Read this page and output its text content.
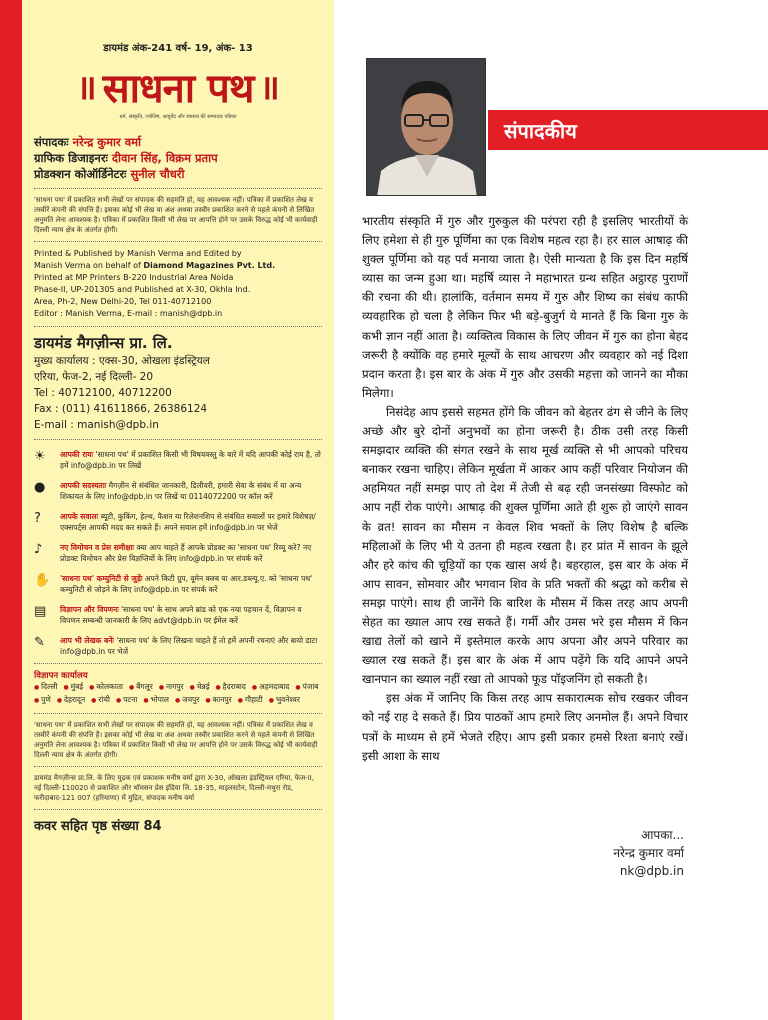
डायमंड अंक-241 वर्ष- 19, अंक- 13
॥ साधना पथ ॥
धर्म, संस्कृति, ज्योतिष, आयुर्वेद और स्वास्थ्य की सम्पादक पत्रिका
संपादकः नरेन्द्र कुमार वर्मा
ग्राफिक डिजाइनरः दीवान सिंह, विक्रम प्रताप
प्रोडक्शन कोऑर्डिनेटरः सुनील चौधरी
'साधना पथ' में प्रकाशित सभी लेखों पर संपादक की सहमति हो, यह आवश्यक नहीं। पत्रिका में प्रकाशित लेख व तस्वीरें कंपनी की संपत्ति हैं। इसका कोई भी लेख या अंश अथवा तस्वीर प्रकाशित करने से पहले कंपनी से लिखित अनुमति लेना आवश्यक है। पत्रिका में प्रकाशित किसी भी लेख पर आपत्ति होने पर उसके विरुद्ध कोई भी कार्यवाही दिल्ली न्याय क्षेत्र के अंतर्गत होगी।
Printed & Published by Manish Verma and Edited by
Manish Verma on behalf of Diamond Magazines Pvt. Ltd.
Printed at MP Printers B-220 Industrial Area Noida
Phase-II, UP-201305 and Published at X-30, Okhla Ind.
Area, Ph-2, New Delhi-20, Tel 011-40712100
Editor : Manish Verma, E-mail : manish@dpb.in
डायमंड मैगज़ीन्स प्रा. लि.
मुख्य कार्यालय : एक्स-30, ओखला इंडस्ट्रियल
एरिया, फेज-2, नई दिल्ली- 20
Tel : 40712100, 40712200
Fax : (011) 41611866, 26386124
E-mail : manish@dpb.in
☀	आपकी रायः 'साधना पथ' में प्रकाशित किसी भी विषयवस्तु के बारे में यदि आपकी कोई राय है, तो हमें info@dpb.in पर लिखें
●	आपकी सदस्यताः मैगज़ीन से संबंधित जानकारी, डिलीवरी, हमारी सेवा के संबंध में या अन्य शिकायत के लिए info@dpb.in पर लिखें या 0114072200 पर कॉल करें
?	आपके सवालः ब्यूटी, कुकिंग, हेल्थ, फैशन या रिलेशनशिप से संबंधित सवालों पर हमारे विशेषज्ञ/एक्सपर्ट्स आपकी मदद कर सकते हैं। अपने सवाल हमें info@dpb.in पर भेजें
♪	नए विमोचन व प्रेस समीक्षाः क्या आप चाहते हैं आपके प्रोडक्ट का 'साधना पथ' रिव्यू करे? नए प्रोडक्ट विमोचन और प्रेस विज्ञप्तियों के लिए info@dpb.in पर संपर्क करें
✋	'साधना पथ' कम्युनिटी से जुड़ेंः अपने किटी ग्रुप, वूमेन क्लब या आर.डब्ल्यू.ए. को 'साधना पथ' कम्युनिटी से जोड़ने के लिए info@dpb.in पर संपर्क करें
▤	विज्ञापन और विपणनः 'साधना पथ' के साथ अपने ब्रांड को एक नया पहचान दें, विज्ञापन व विपणन सम्बन्धी जानकारी के लिए advt@dpb.in पर ईमेल करें
✎	आप भी लेखक बनेंः 'साधना पथ' के लिए लिखना चाहते हैं तो हमें अपनी रचनाएं और बायो डाटा info@dpb.in पर भेजें
विज्ञापन कार्यालय
● दिल्ली	● मुंबई	● कोलकाता	● बैंगलूर	● नागपुर	● चेन्नई	● हैदराबाद	● अहमदाबाद	● पंजाब
● पुणे	● देहरादून	● रांची	● पटना	● भोपाल	● जयपुर	● कानपुर	● गौहाटी	● भुवनेश्वर
'साधना पथ' में प्रकाशित सभी लेखों पर संपादक की सहमति हो, यह आवश्यक नहीं। पत्रिका में प्रकाशित लेख व तस्वीरें कंपनी की संपत्ति हैं। इसका कोई भी लेख या अंश अथवा तस्वीर प्रकाशित करने से पहले कंपनी से लिखित अनुमति लेना आवश्यक है। पत्रिका में प्रकाशित किसी भी लेख पर आपत्ति होने पर उसके विरुद्ध कोई भी कार्यवाही दिल्ली न्याय क्षेत्र के अंतर्गत होगी।
डायमंड मैगज़ीन्स प्रा.लि. के लिए मुद्रक एवं प्रकाशक मनीष वर्मा द्वारा X-30, ओखला इंडस्ट्रियल एरिया, फेज-II, नई दिल्ली-110020 से प्रकाशित और थॉमसन प्रेस इंडिया लि. 18-35, माइलस्टोन, दिल्ली-मथुरा रोड, फरीदाबाद-121 007 (हरियाणा) में मुद्रित, संपादक मनीष वर्मा
कवर सहित पृष्ठ संख्या 84
संपादकीय

भारतीय संस्कृति में गुरु और गुरुकुल की परंपरा रही है इसलिए भारतीयों के लिए हमेशा से ही गुरु पूर्णिमा का एक विशेष महत्व रहा है। हर साल आषाढ़ की शुक्ल पूर्णिमा को यह पर्व मनाया जाता है। ऐसी मान्यता है कि इस दिन महर्षि व्यास का जन्म हुआ था। महर्षि व्यास ने महाभारत ग्रन्थ सहित अट्ठारह पुराणों की रचना की थी। हालांकि, वर्तमान समय में गुरु और शिष्य का संबंध काफी व्यवहारिक हो चला है लेकिन फिर भी बड़े-बुजुर्ग ये मानते हैं कि बिना गुरु के कभी ज्ञान नहीं आता है। व्यक्तित्व विकास के लिए जीवन में गुरु का होना बेहद जरूरी है क्योंकि वह हमारे मूल्यों के साथ आचरण और व्यवहार को नई दिशा प्रदान करता है। इस बार के अंक में गुरु और उसकी महत्ता को जानने का मौका मिलेगा।

निसंदेह आप इससे सहमत होंगे कि जीवन को बेहतर ढंग से जीने के लिए अच्छे और बुरे दोनों अनुभवों का होना जरूरी है। ठीक उसी तरह किसी समझदार व्यक्ति की संगत रखने के साथ मूर्ख व्यक्ति से भी आपको परिचय बनाकर रखना चाहिए। लेकिन मूर्खता में आकर आप कहीं परिवार नियोजन की अहमियत नहीं समझ पाए तो देश में तेजी से बढ़ रही जनसंख्या विस्फोट को आप नहीं रोक पाएंगे। आषाढ़ की शुक्ल पूर्णिमा आते ही शुरू हो जाएंगे सावन के व्रत! सावन का मौसम न केवल शिव भक्तों के लिए विशेष है बल्कि महिलाओं के लिए भी ये उतना ही महत्व रखता है। हर प्रांत में सावन के झूले और हरे कांच की चूड़ियों का एक खास अर्थ है। बहरहाल, इस बार के अंक में आप सावन, सोमवार और भगवान शिव के प्रति भक्तों की श्रद्धा को करीब से समझ पाएंगे। साथ ही जानेंगे कि बारिश के मौसम में किस तरह आप अपनी सेहत का ख्याल आप रख सकते हैं। गर्मी और उमस भरे इस मौसम में किन खाद्य तेलों को खाने में इस्तेमाल करके आप अपना और अपने परिवार का ख्याल रख सकते हैं। इस बार के अंक में आप पढ़ेंगे कि यदि आपने अपने खानपान का ख्याल नहीं रखा तो आपको फूड पॉइजनिंग हो सकती है।

इस अंक में जानिए कि किस तरह आप सकारात्मक सोच रखकर जीवन को नई राह दे सकते हैं। प्रिय पाठकों आप हमारे लिए अनमोल हैं। अपने विचार पत्रों के माध्यम से हमें भेजते रहिए। आप इसी प्रकार हमसे रिश्ता बनाएं रखें। इसी आशा के साथ

आपका...
नरेन्द्र कुमार वर्मा
nk@dpb.in
